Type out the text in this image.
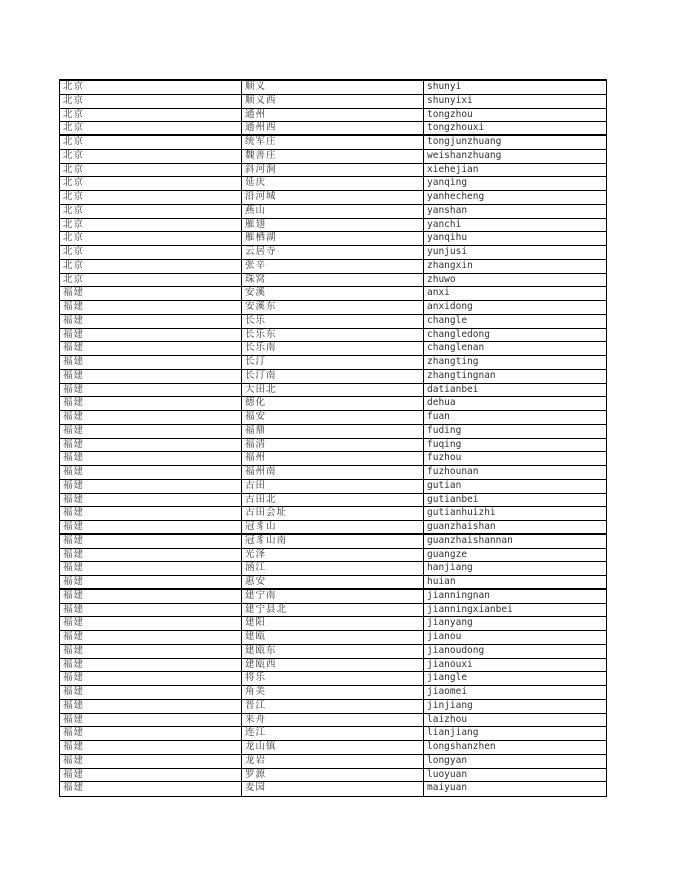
北京	顺义	shunyi
北京	顺义西	shunyixi
北京	通州	tongzhou
北京	通州西	tongzhouxi
北京	统军庄	tongjunzhuang
北京	魏善庄	weishanzhuang
北京	斜河涧	xiehejian
北京	延庆	yanqing
北京	沿河城	yanhecheng
北京	燕山	yanshan
北京	雁翅	yanchi
北京	雁栖湖	yanqihu
北京	云居寺	yunjusi
北京	张辛	zhangxin
北京	珠窝	zhuwo
福建	安溪	anxi
福建	安溪东	anxidong
福建	长乐	changle
福建	长乐东	changledong
福建	长乐南	changlenan
福建	长汀	zhangting
福建	长汀南	zhangtingnan
福建	大田北	datianbei
福建	德化	dehua
福建	福安	fuan
福建	福鼎	fuding
福建	福清	fuqing
福建	福州	fuzhou
福建	福州南	fuzhounan
福建	古田	gutian
福建	古田北	gutianbei
福建	古田会址	gutianhuizhi
福建	冠豸山	guanzhaishan
福建	冠豸山南	guanzhaishannan
福建	光泽	guangze
福建	涵江	hanjiang
福建	惠安	huian
福建	建宁南	jianningnan
福建	建宁县北	jianningxianbei
福建	建阳	jianyang
福建	建瓯	jianou
福建	建瓯东	jianoudong
福建	建瓯西	jianouxi
福建	将乐	jiangle
福建	角美	jiaomei
福建	晋江	jinjiang
福建	来舟	laizhou
福建	连江	lianjiang
福建	龙山镇	longshanzhen
福建	龙岩	longyan
福建	罗源	luoyuan
福建	麦园	maiyuan
